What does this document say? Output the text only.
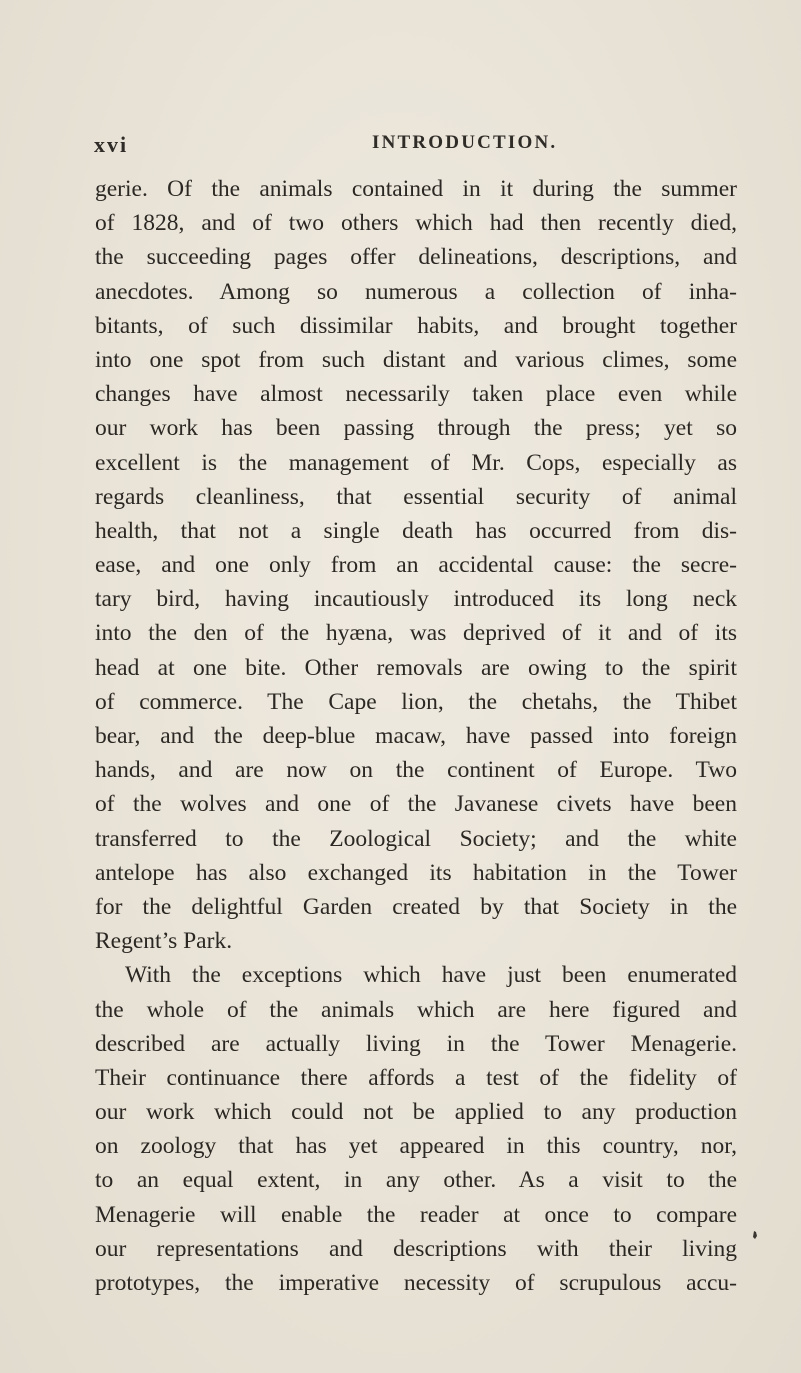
xvi	INTRODUCTION.
gerie. Of the animals contained in it during the summer
of 1828, and of two others which had then recently died,
the succeeding pages offer delineations, descriptions, and
anecdotes. Among so numerous a collection of inha-
bitants, of such dissimilar habits, and brought together
into one spot from such distant and various climes, some
changes have almost necessarily taken place even while
our work has been passing through the press; yet so
excellent is the management of Mr. Cops, especially as
regards cleanliness, that essential security of animal
health, that not a single death has occurred from dis-
ease, and one only from an accidental cause: the secre-
tary bird, having incautiously introduced its long neck
into the den of the hyæna, was deprived of it and of its
head at one bite. Other removals are owing to the spirit
of commerce. The Cape lion, the chetahs, the Thibet
bear, and the deep-blue macaw, have passed into foreign
hands, and are now on the continent of Europe. Two
of the wolves and one of the Javanese civets have been
transferred to the Zoological Society; and the white
antelope has also exchanged its habitation in the Tower
for the delightful Garden created by that Society in the
Regent’s Park.
With the exceptions which have just been enumerated
the whole of the animals which are here figured and
described are actually living in the Tower Menagerie.
Their continuance there affords a test of the fidelity of
our work which could not be applied to any production
on zoology that has yet appeared in this country, nor,
to an equal extent, in any other. As a visit to the
Menagerie will enable the reader at once to compare
our representations and descriptions with their living
prototypes, the imperative necessity of scrupulous accu-
